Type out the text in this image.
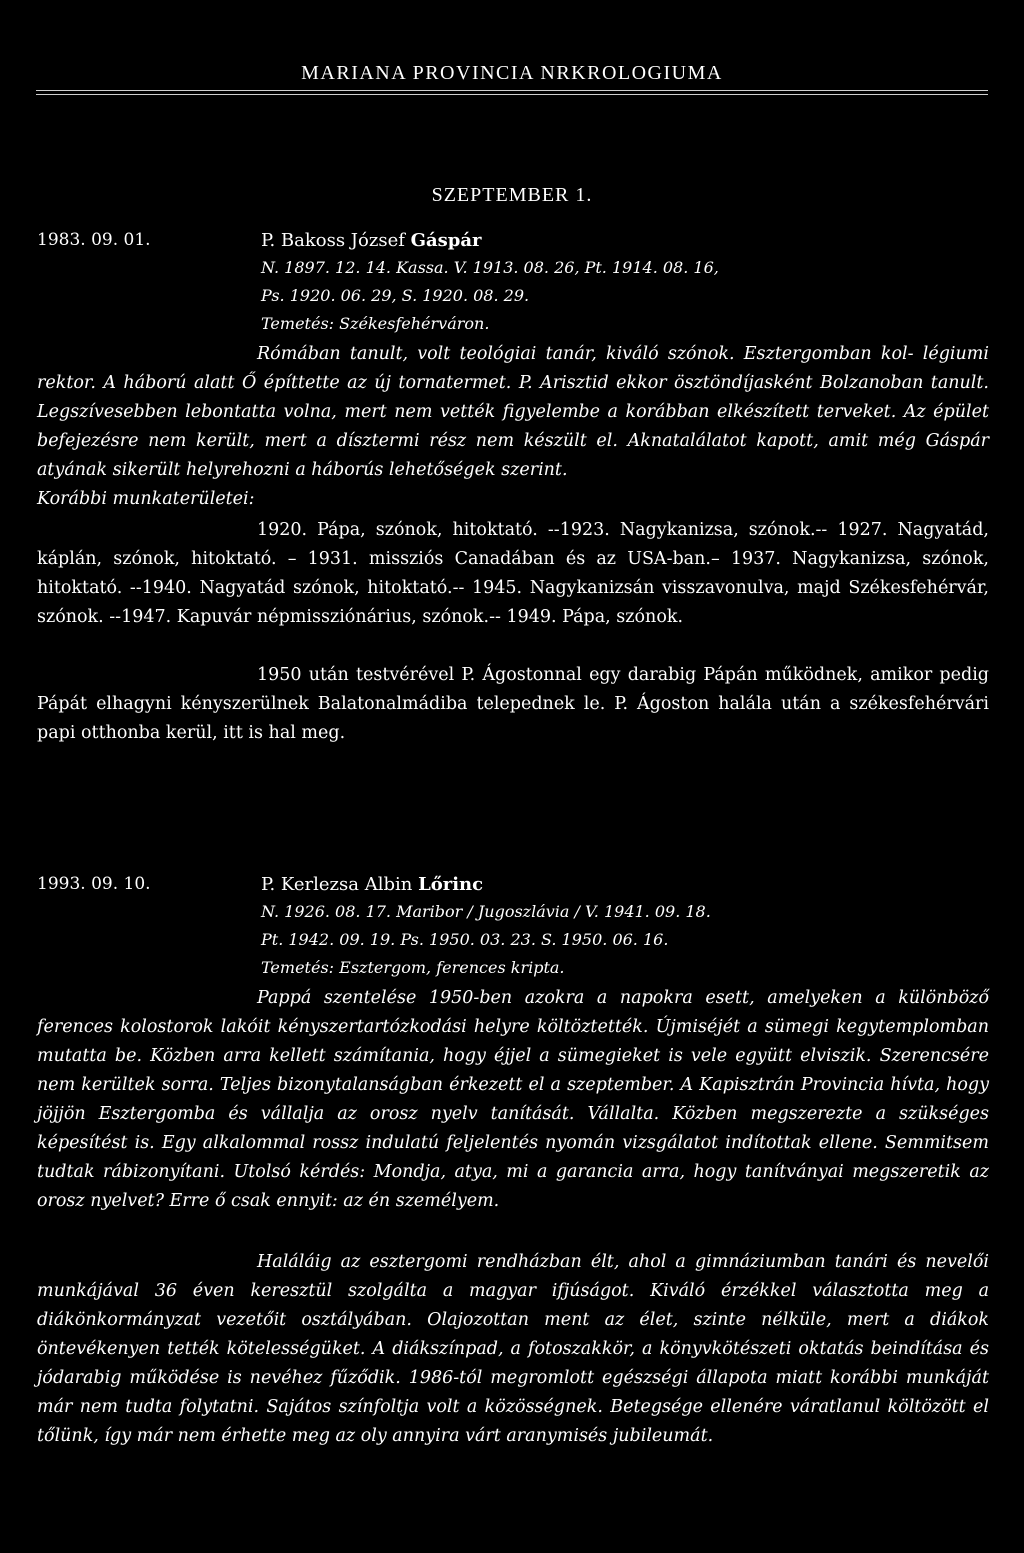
MARIANA PROVINCIA NRKROLOGIUMA
SZEPTEMBER 1.
1983. 09. 01.	P. Bakoss József Gáspár
N. 1897. 12. 14. Kassa. V. 1913. 08. 26, Pt. 1914. 08. 16,
Ps. 1920. 06. 29, S. 1920. 08. 29.
Temetés: Székesfehérváron.
Rómában tanult, volt teológiai tanár, kiváló szónok. Esztergomban kol- légiumi rektor. A háború alatt Ő építtette az új tornatermet. P. Arisztid ekkor ösztöndíjasként Bolzanoban tanult. Legszívesebben lebontatta volna, mert nem vették figyelembe a korábban elkészített terveket. Az épület befejezésre nem került, mert a dísztermi rész nem készült el. Aknatalálatot kapott, amit még Gáspár atyának sikerült helyrehozni a háborús lehetőségek szerint.
Korábbi munkaterületei:
1920. Pápa, szónok, hitoktató. --1923. Nagykanizsa, szónok.-- 1927. Nagyatád, káplán, szónok, hitoktató. – 1931. missziós Canadában és az USA-ban.– 1937. Nagykanizsa, szónok, hitoktató. --1940. Nagyatád szónok, hitoktató.-- 1945. Nagykanizsán visszavonulva, majd Székesfehérvár, szónok. --1947. Kapuvár népmissziónárius, szónok.-- 1949. Pápa, szónok.
1950 után testvérével P. Ágostonnal egy darabig Pápán működnek, amikor pedig Pápát elhagyni kényszerülnek Balatonalmádiba telepednek le. P. Ágoston halála után a székesfehérvári papi otthonba kerül, itt is hal meg.
1993. 09. 10.	P. Kerlezsa Albin Lőrinc
N. 1926. 08. 17. Maribor / Jugoszlávia / V. 1941. 09. 18.
Pt. 1942. 09. 19. Ps. 1950. 03. 23. S. 1950. 06. 16.
Temetés: Esztergom, ferences kripta.
Pappá szentelése 1950-ben azokra a napokra esett, amelyeken a különböző ferences kolostorok lakóit kényszertartózkodási helyre költöztették. Újmiséjét a sümegi kegytemplomban mutatta be. Közben arra kellett számítania, hogy éjjel a sümegieket is vele együtt elviszik. Szerencsére nem kerültek sorra. Teljes bizonytalanságban érkezett el a szeptember. A Kapisztrán Provincia hívta, hogy jöjjön Esztergomba és vállalja az orosz nyelv tanítását. Vállalta. Közben megszerezte a szükséges képesítést is. Egy alkalommal rossz indulatú feljelentés nyomán vizsgálatot indítottak ellene. Semmitsem tudtak rábizonyítani. Utolsó kérdés: Mondja, atya, mi a garancia arra, hogy tanítványai megszeretik az orosz nyelvet? Erre ő csak ennyit: az én személyem.
Haláláig az esztergomi rendházban élt, ahol a gimnáziumban tanári és nevelői munkájával 36 éven keresztül szolgálta a magyar ifjúságot. Kiváló érzékkel választotta meg a diákönkormányzat vezetőit osztályában. Olajozottan ment az élet, szinte nélküle, mert a diákok öntevékenyen tették kötelességüket. A diákszínpad, a fotoszakkör, a könyvkötészeti oktatás beindítása és jódarabig működése is nevéhez fűződik. 1986-tól megromlott egészségi állapota miatt korábbi munkáját már nem tudta folytatni. Sajátos színfoltja volt a közösségnek. Betegsége ellenére váratlanul költözött el tőlünk, így már nem érhette meg az oly annyira várt aranymisés jubileumát.
